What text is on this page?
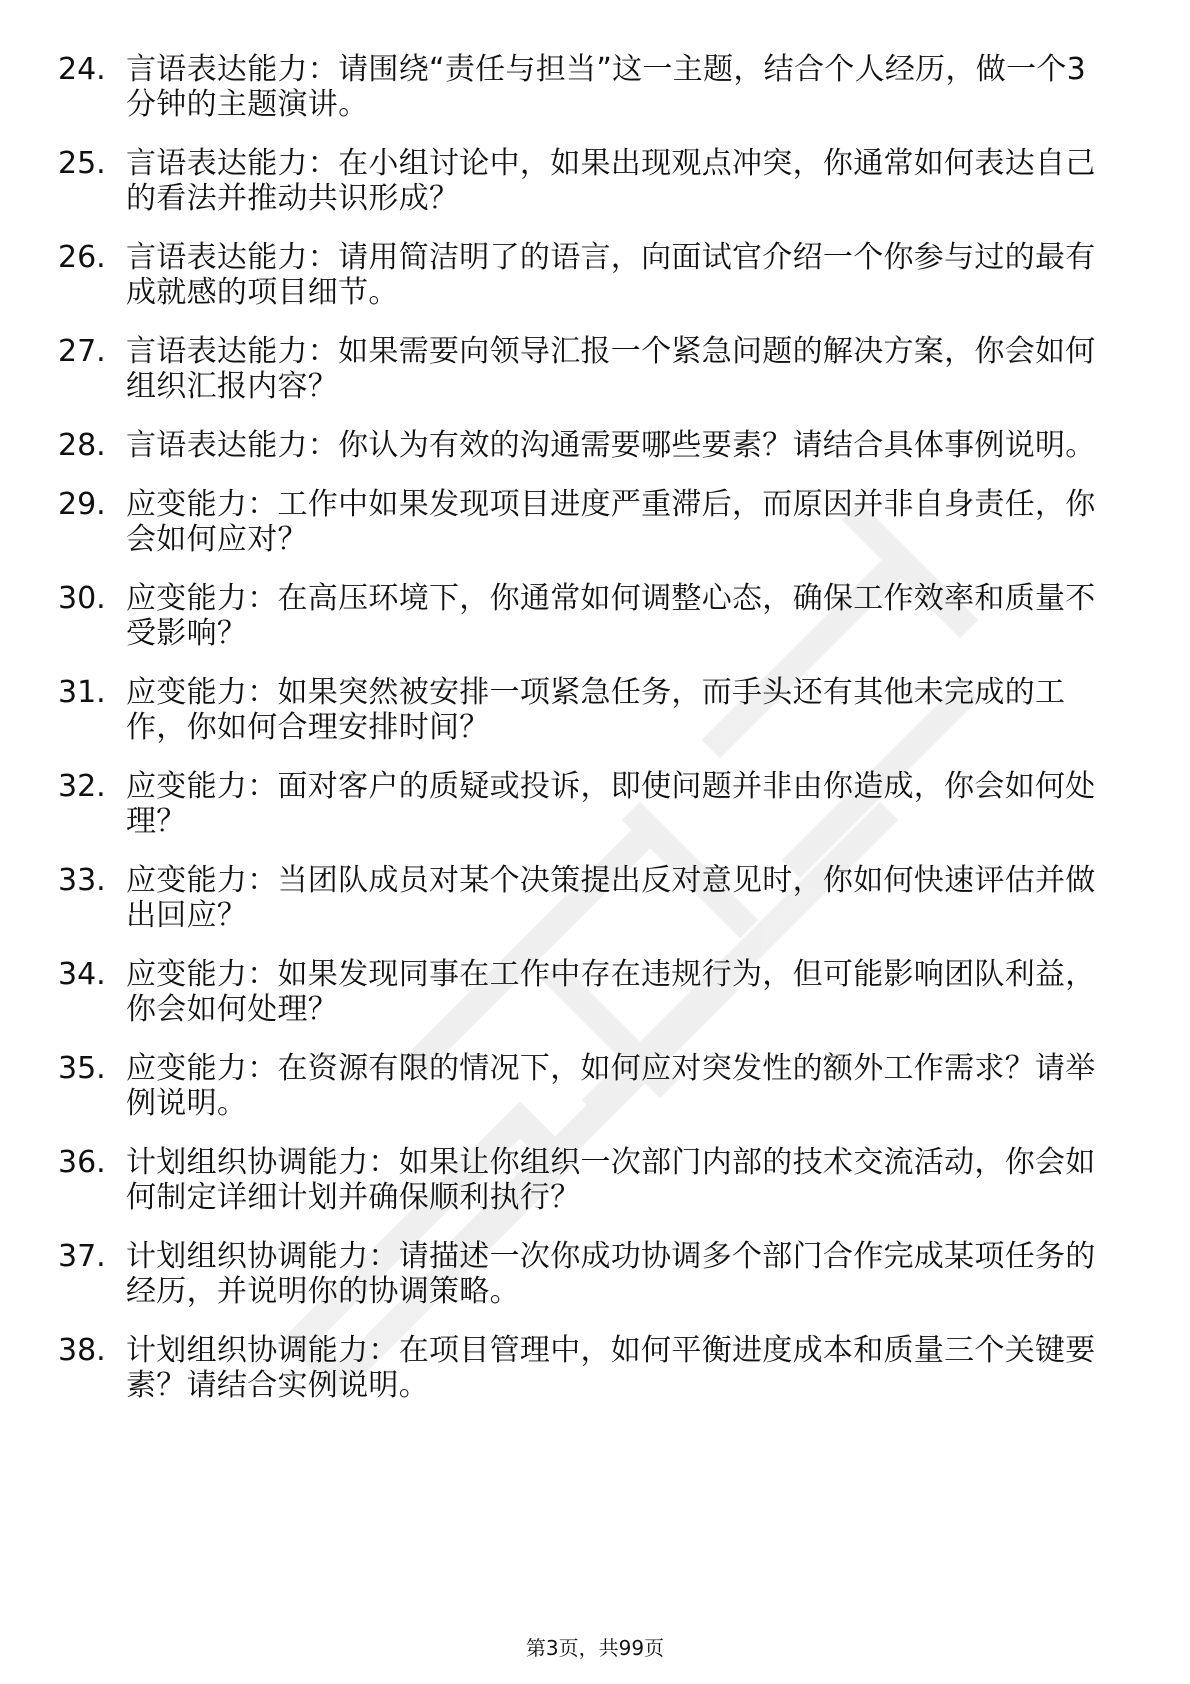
24. 言语表达能力：请围绕“责任与担当”这一主题，结合个人经历，做一个3分钟的主题演讲。
25. 言语表达能力：在小组讨论中，如果出现观点冲突，你通常如何表达自己的看法并推动共识形成？
26. 言语表达能力：请用简洁明了的语言，向面试官介绍一个你参与过的最有成就感的项目细节。
27. 言语表达能力：如果需要向领导汇报一个紧急问题的解决方案，你会如何组织汇报内容？
28. 言语表达能力：你认为有效的沟通需要哪些要素？请结合具体事例说明。
29. 应变能力：工作中如果发现项目进度严重滞后，而原因并非自身责任，你会如何应对？
30. 应变能力：在高压环境下，你通常如何调整心态，确保工作效率和质量不受影响？
31. 应变能力：如果突然被安排一项紧急任务，而手头还有其他未完成的工作，你如何合理安排时间？
32. 应变能力：面对客户的质疑或投诉，即使问题并非由你造成，你会如何处理？
33. 应变能力：当团队成员对某个决策提出反对意见时，你如何快速评估并做出回应？
34. 应变能力：如果发现同事在工作中存在违规行为，但可能影响团队利益，你会如何处理？
35. 应变能力：在资源有限的情况下，如何应对突发性的额外工作需求？请举例说明。
36. 计划组织协调能力：如果让你组织一次部门内部的技术交流活动，你会如何制定详细计划并确保顺利执行？
37. 计划组织协调能力：请描述一次你成功协调多个部门合作完成某项任务的经历，并说明你的协调策略。
38. 计划组织协调能力：在项目管理中，如何平衡进度成本和质量三个关键要素？请结合实例说明。
第3页，共99页
